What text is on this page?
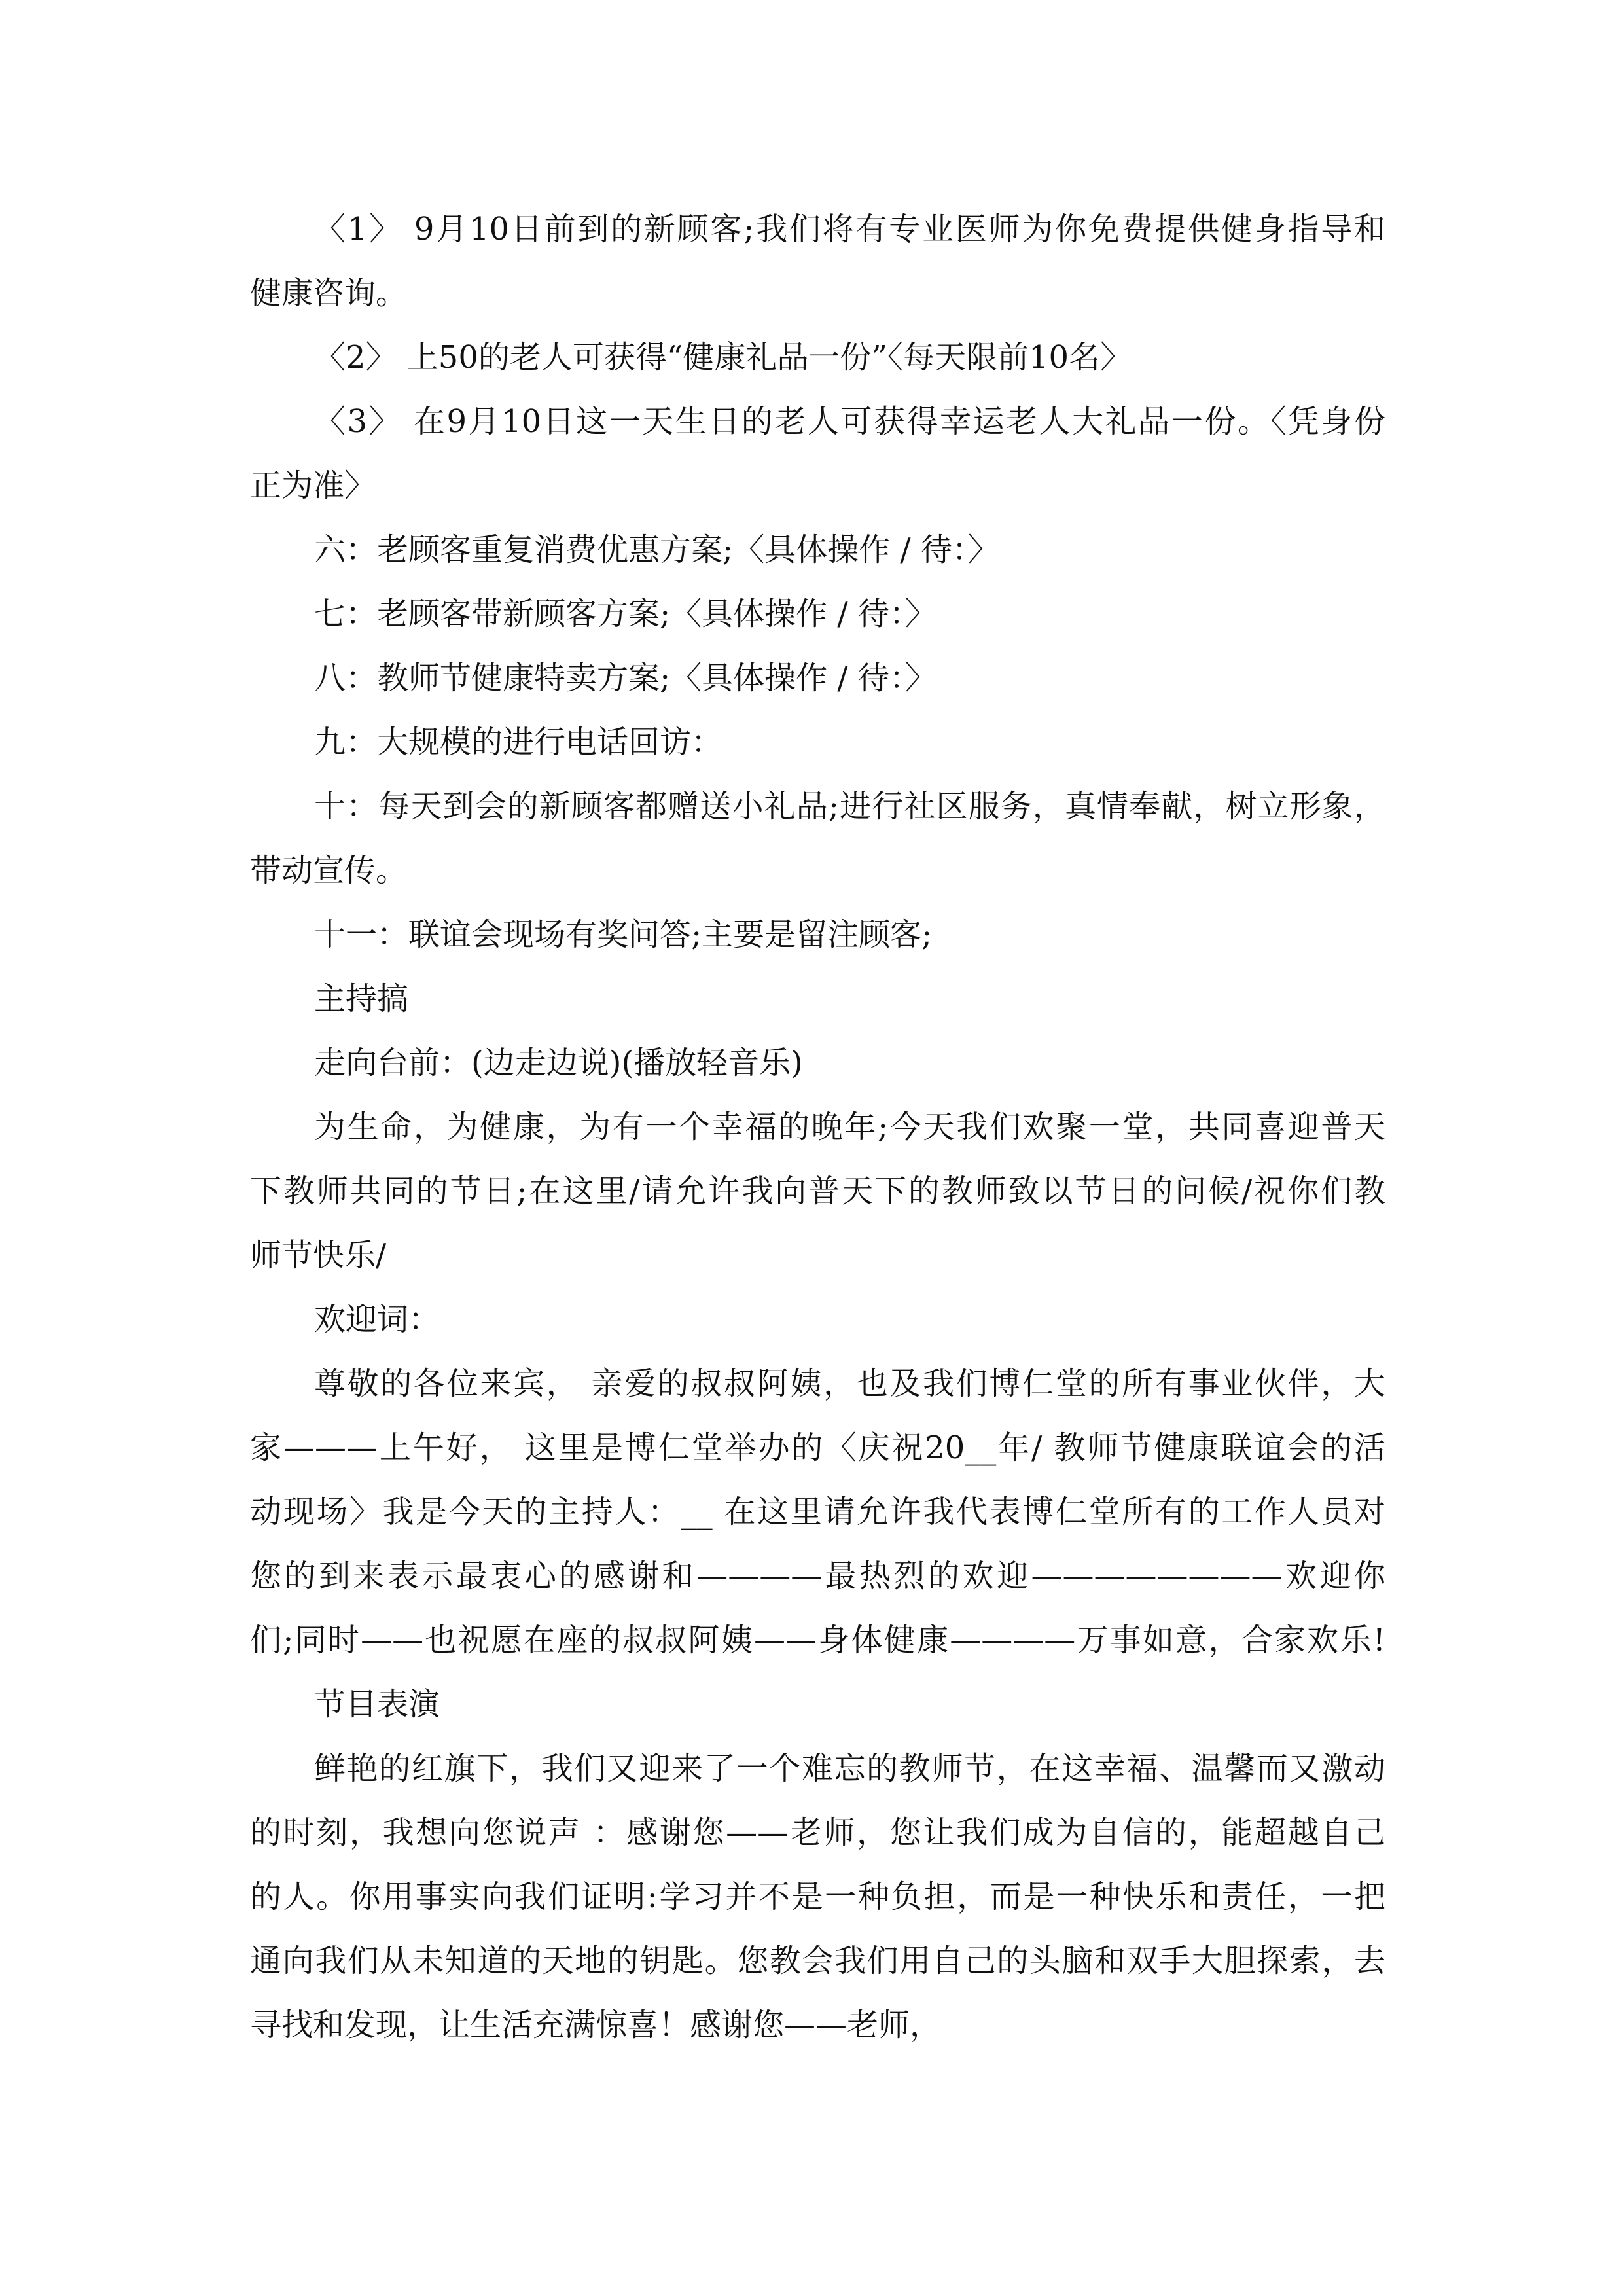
〈1〉 9月10日前到的新顾客;我们将有专业医师为你免费提供健身指导和
健康咨询。
〈2〉 上50的老人可获得“健康礼品一份”〈每天限前10名〉
〈3〉 在9月10日这一天生日的老人可获得幸运老人大礼品一份。〈凭身份
正为准〉
六：老顾客重复消费优惠方案;〈具体操作 / 待：〉
七：老顾客带新顾客方案;〈具体操作 / 待：〉
八：教师节健康特卖方案;〈具体操作 / 待：〉
九：大规模的进行电话回访：
十：每天到会的新顾客都赠送小礼品;进行社区服务，真情奉献，树立形象，
带动宣传。
十一：联谊会现场有奖问答;主要是留注顾客;
主持搞
走向台前：(边走边说)(播放轻音乐)
为生命，为健康，为有一个幸福的晚年;今天我们欢聚一堂，共同喜迎普天
下教师共同的节日;在这里/请允许我向普天下的教师致以节日的问候/祝你们教
师节快乐/
欢迎词：
尊敬的各位来宾， 亲爱的叔叔阿姨，也及我们博仁堂的所有事业伙伴，大
家———上午好， 这里是博仁堂举办的〈庆祝20__年/ 教师节健康联谊会的活
动现场〉我是今天的主持人：__ 在这里请允许我代表博仁堂所有的工作人员对
您的到来表示最衷心的感谢和————最热烈的欢迎————————欢迎你
们;同时——也祝愿在座的叔叔阿姨——身体健康————万事如意，合家欢乐!
节目表演
鲜艳的红旗下，我们又迎来了一个难忘的教师节，在这幸福、温馨而又激动
的时刻，我想向您说声 ：感谢您——老师，您让我们成为自信的，能超越自己
的人。你用事实向我们证明:学习并不是一种负担，而是一种快乐和责任，一把
通向我们从未知道的天地的钥匙。您教会我们用自己的头脑和双手大胆探索，去
寻找和发现，让生活充满惊喜！感谢您——老师，
